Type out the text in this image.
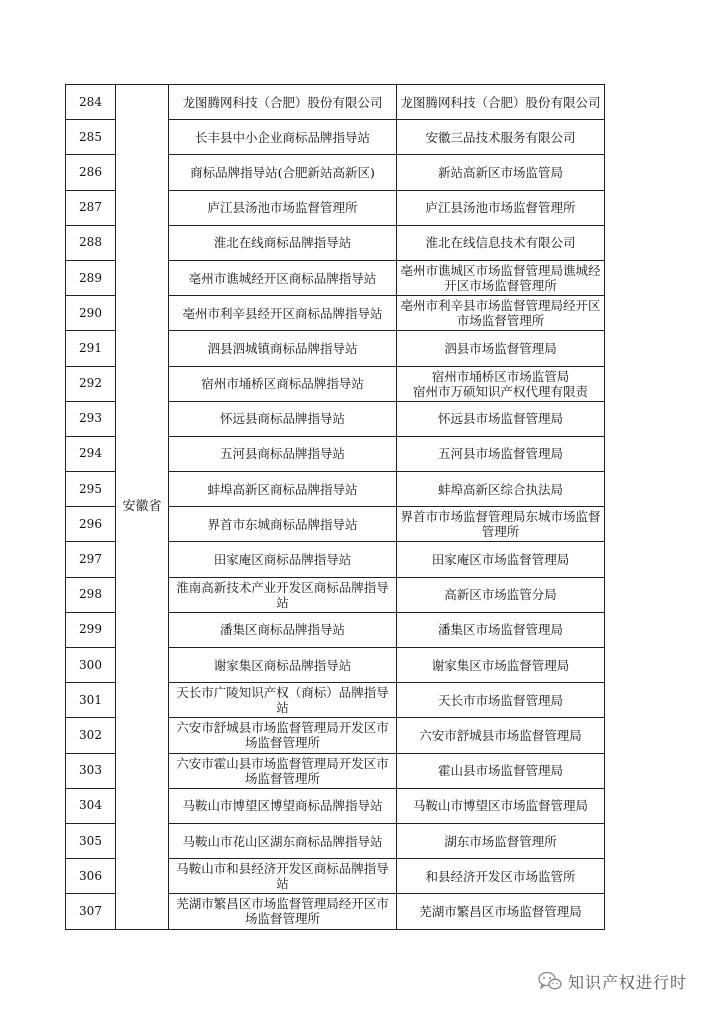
284	安徽省	龙图腾网科技（合肥）股份有限公司	龙图腾网科技（合肥）股份有限公司
285		长丰县中小企业商标品牌指导站	安徽三品技术服务有限公司
286		商标品牌指导站(合肥新站高新区)	新站高新区市场监管局
287		庐江县汤池市场监督管理所	庐江县汤池市场监督管理所
288		淮北在线商标品牌指导站	淮北在线信息技术有限公司
289		亳州市谯城经开区商标品牌指导站	亳州市谯城区市场监督管理局谯城经开区市场监督管理所
290		亳州市利辛县经开区商标品牌指导站	亳州市利辛县市场监督管理局经开区市场监督管理所
291		泗县泗城镇商标品牌指导站	泗县市场监督管理局
292		宿州市埇桥区商标品牌指导站	宿州市埇桥区市场监管局
宿州市万硕知识产权代理有限责
293		怀远县商标品牌指导站	怀远县市场监督管理局
294		五河县商标品牌指导站	五河县市场监督管理局
295		蚌埠高新区商标品牌指导站	蚌埠高新区综合执法局
296		界首市东城商标品牌指导站	界首市市场监督管理局东城市场监督管理所
297		田家庵区商标品牌指导站	田家庵区市场监督管理局
298		淮南高新技术产业开发区商标品牌指导站	高新区市场监管分局
299		潘集区商标品牌指导站	潘集区市场监督管理局
300		谢家集区商标品牌指导站	谢家集区市场监督管理局
301		天长市广陵知识产权（商标）品牌指导站	天长市市场监督管理局
302		六安市舒城县市场监督管理局开发区市场监督管理所	六安市舒城县市场监督管理局
303		六安市霍山县市场监督管理局开发区市场监督管理所	霍山县市场监督管理局
304		马鞍山市博望区博望商标品牌指导站	马鞍山市博望区市场监督管理局
305		马鞍山市花山区湖东商标品牌指导站	湖东市场监督管理所
306		马鞍山市和县经济开发区商标品牌指导站	和县经济开发区市场监管所
307		芜湖市繁昌区市场监督管理局经开区市场监督管理所	芜湖市繁昌区市场监督管理局
知识产权进行时
